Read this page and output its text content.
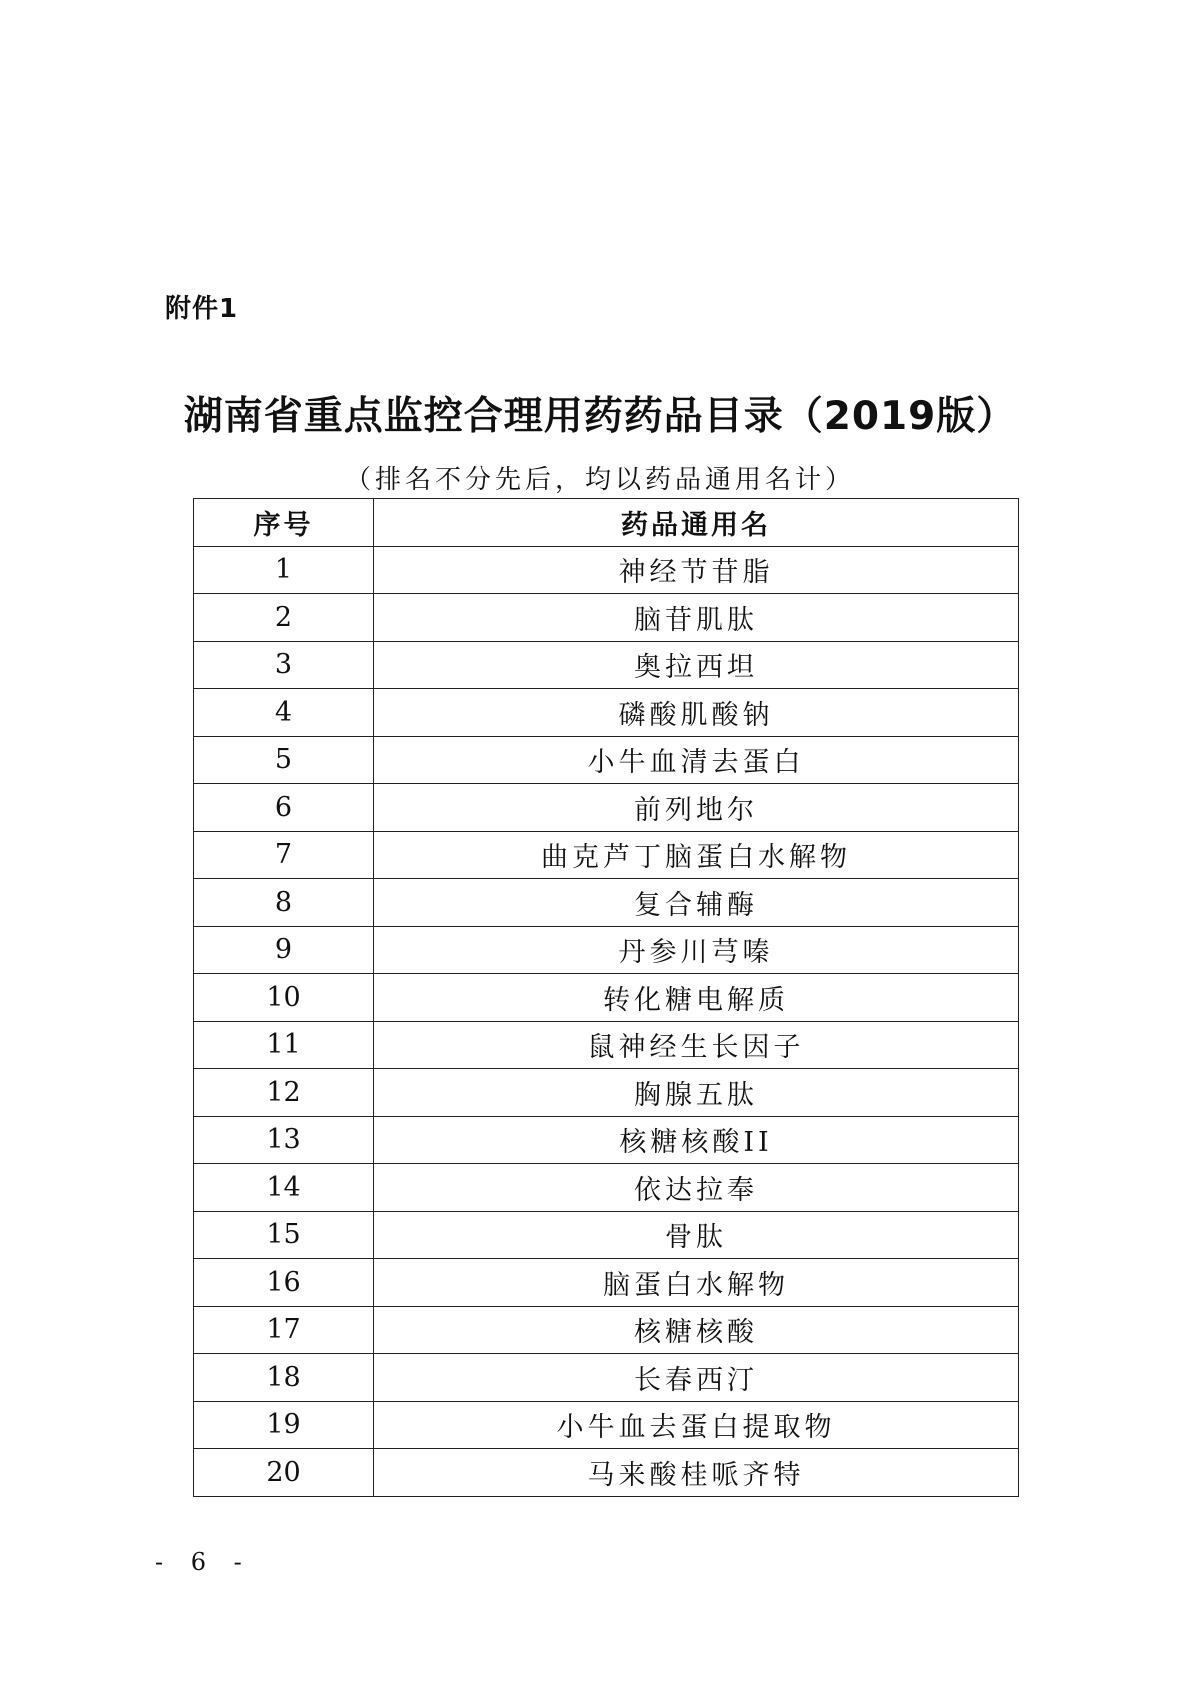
附件1
湖南省重点监控合理用药药品目录（2019版）
（排名不分先后，均以药品通用名计）
序号	药品通用名
1	神经节苷脂
2	脑苷肌肽
3	奥拉西坦
4	磷酸肌酸钠
5	小牛血清去蛋白
6	前列地尔
7	曲克芦丁脑蛋白水解物
8	复合辅酶
9	丹参川芎嗪
10	转化糖电解质
11	鼠神经生长因子
12	胸腺五肽
13	核糖核酸II
14	依达拉奉
15	骨肽
16	脑蛋白水解物
17	核糖核酸
18	长春西汀
19	小牛血去蛋白提取物
20	马来酸桂哌齐特
- 6 -
